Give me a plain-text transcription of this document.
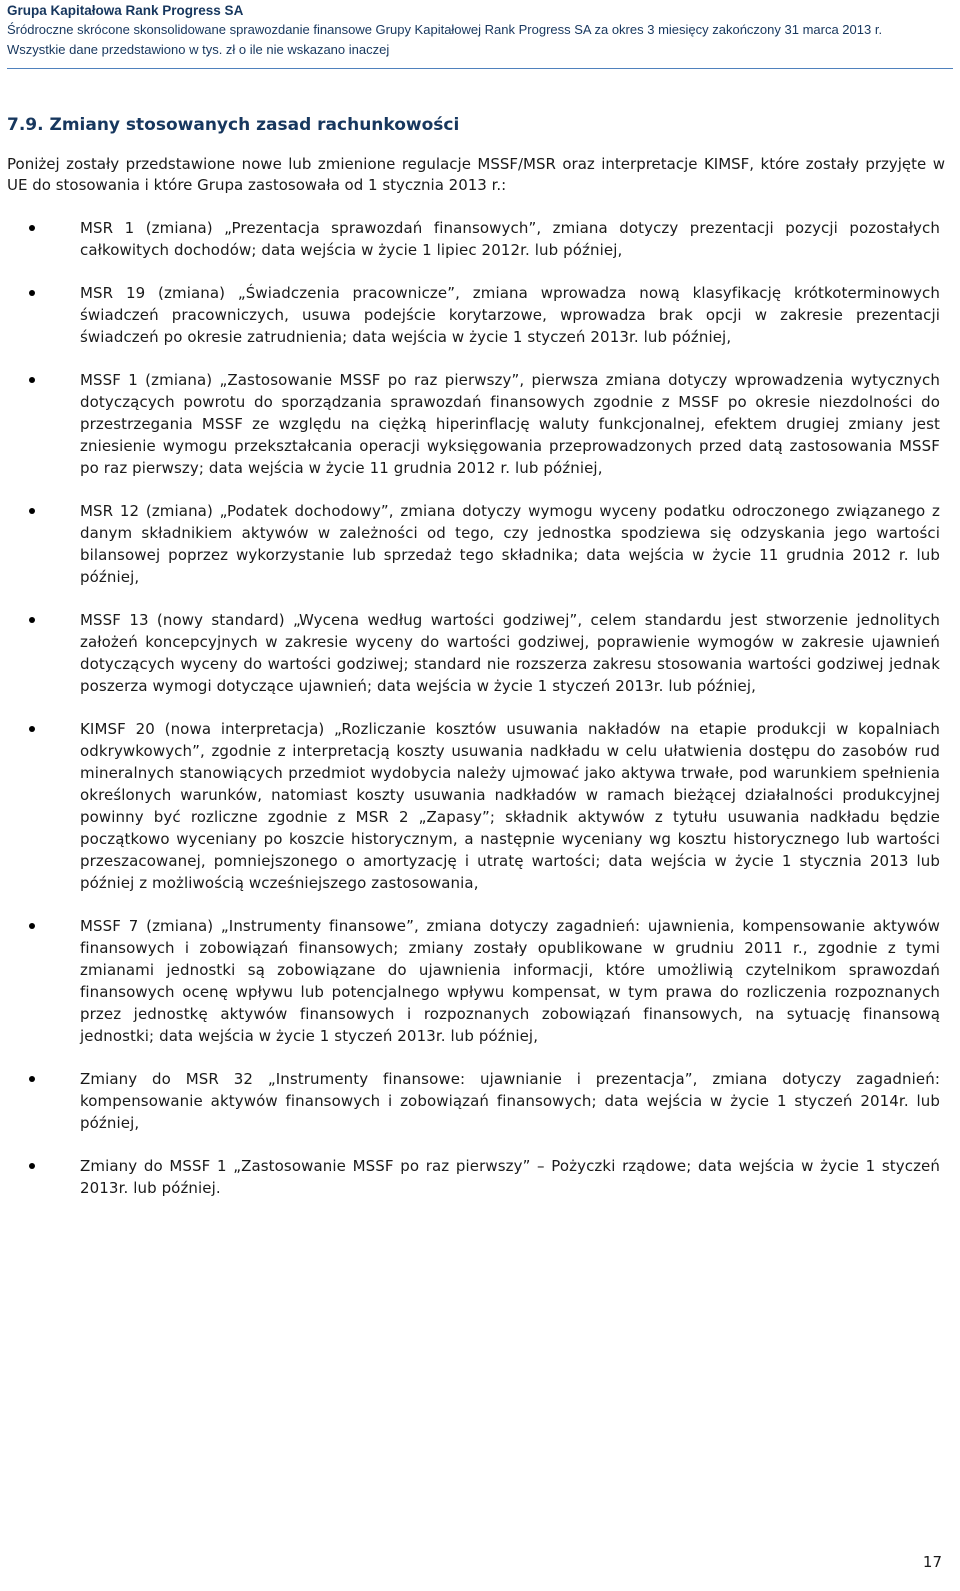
Grupa Kapitałowa Rank Progress SA
Śródroczne skrócone skonsolidowane sprawozdanie finansowe Grupy Kapitałowej Rank Progress SA za okres 3 miesięcy zakończony 31 marca 2013 r.
Wszystkie dane przedstawiono w tys. zł o ile nie wskazano inaczej
7.9. Zmiany stosowanych zasad rachunkowości
Poniżej zostały przedstawione nowe lub zmienione regulacje MSSF/MSR oraz interpretacje KIMSF, które zostały przyjęte w UE do stosowania i które Grupa zastosowała od 1 stycznia 2013 r.:
MSR 1 (zmiana) „Prezentacja sprawozdań finansowych”, zmiana dotyczy prezentacji pozycji pozostałych całkowitych dochodów; data wejścia w życie 1 lipiec 2012r. lub później,
MSR 19 (zmiana) „Świadczenia pracownicze”, zmiana wprowadza nową klasyfikację krótkoterminowych świadczeń pracowniczych, usuwa podejście korytarzowe, wprowadza brak opcji w zakresie prezentacji świadczeń po okresie zatrudnienia; data wejścia w życie 1 styczeń 2013r. lub później,
MSSF 1 (zmiana) „Zastosowanie MSSF po raz pierwszy”, pierwsza zmiana dotyczy wprowadzenia wytycznych dotyczących powrotu do sporządzania sprawozdań finansowych zgodnie z MSSF po okresie niezdolności do przestrzegania MSSF ze względu na ciężką hiperinflację waluty funkcjonalnej, efektem drugiej zmiany jest zniesienie wymogu przekształcania operacji wyksięgowania przeprowadzonych przed datą zastosowania MSSF po raz pierwszy; data wejścia w życie 11 grudnia 2012 r. lub później,
MSR 12 (zmiana) „Podatek dochodowy”, zmiana dotyczy wymogu wyceny podatku odroczonego związanego z danym składnikiem aktywów w zależności od tego, czy jednostka spodziewa się odzyskania jego wartości bilansowej poprzez wykorzystanie lub sprzedaż tego składnika; data wejścia w życie 11 grudnia 2012 r. lub później,
MSSF 13 (nowy standard) „Wycena według wartości godziwej”, celem standardu jest stworzenie jednolitych założeń koncepcyjnych w zakresie wyceny do wartości godziwej, poprawienie wymogów w zakresie ujawnień dotyczących wyceny do wartości godziwej; standard nie rozszerza zakresu stosowania wartości godziwej jednak poszerza wymogi dotyczące ujawnień; data wejścia w życie 1 styczeń 2013r. lub później,
KIMSF 20 (nowa interpretacja) „Rozliczanie kosztów usuwania nakładów na etapie produkcji w kopalniach odkrywkowych”, zgodnie z interpretacją koszty usuwania nadkładu w celu ułatwienia dostępu do zasobów rud mineralnych stanowiących przedmiot wydobycia należy ujmować jako aktywa trwałe, pod warunkiem spełnienia określonych warunków, natomiast koszty usuwania nadkładów w ramach bieżącej działalności produkcyjnej powinny być rozliczne zgodnie z MSR 2 „Zapasy”; składnik aktywów z tytułu usuwania nadkładu będzie początkowo wyceniany po koszcie historycznym, a następnie wyceniany wg kosztu historycznego lub wartości przeszacowanej, pomniejszonego o amortyzację i utratę wartości; data wejścia w życie 1 stycznia 2013 lub później z możliwością wcześniejszego zastosowania,
MSSF 7 (zmiana) „Instrumenty finansowe”, zmiana dotyczy zagadnień: ujawnienia, kompensowanie aktywów finansowych i zobowiązań finansowych; zmiany zostały opublikowane w grudniu 2011 r., zgodnie z tymi zmianami jednostki są zobowiązane do ujawnienia informacji, które umożliwią czytelnikom sprawozdań finansowych ocenę wpływu lub potencjalnego wpływu kompensat, w tym prawa do rozliczenia rozpoznanych przez jednostkę aktywów finansowych i rozpoznanych zobowiązań finansowych, na sytuację finansową jednostki; data wejścia w życie 1 styczeń 2013r. lub później,
Zmiany do MSR 32 „Instrumenty finansowe: ujawnianie i prezentacja”, zmiana dotyczy zagadnień: kompensowanie aktywów finansowych i zobowiązań finansowych; data wejścia w życie 1 styczeń 2014r. lub później,
Zmiany do MSSF 1 „Zastosowanie MSSF po raz pierwszy” – Pożyczki rządowe; data wejścia w życie 1 styczeń 2013r. lub później.
17
